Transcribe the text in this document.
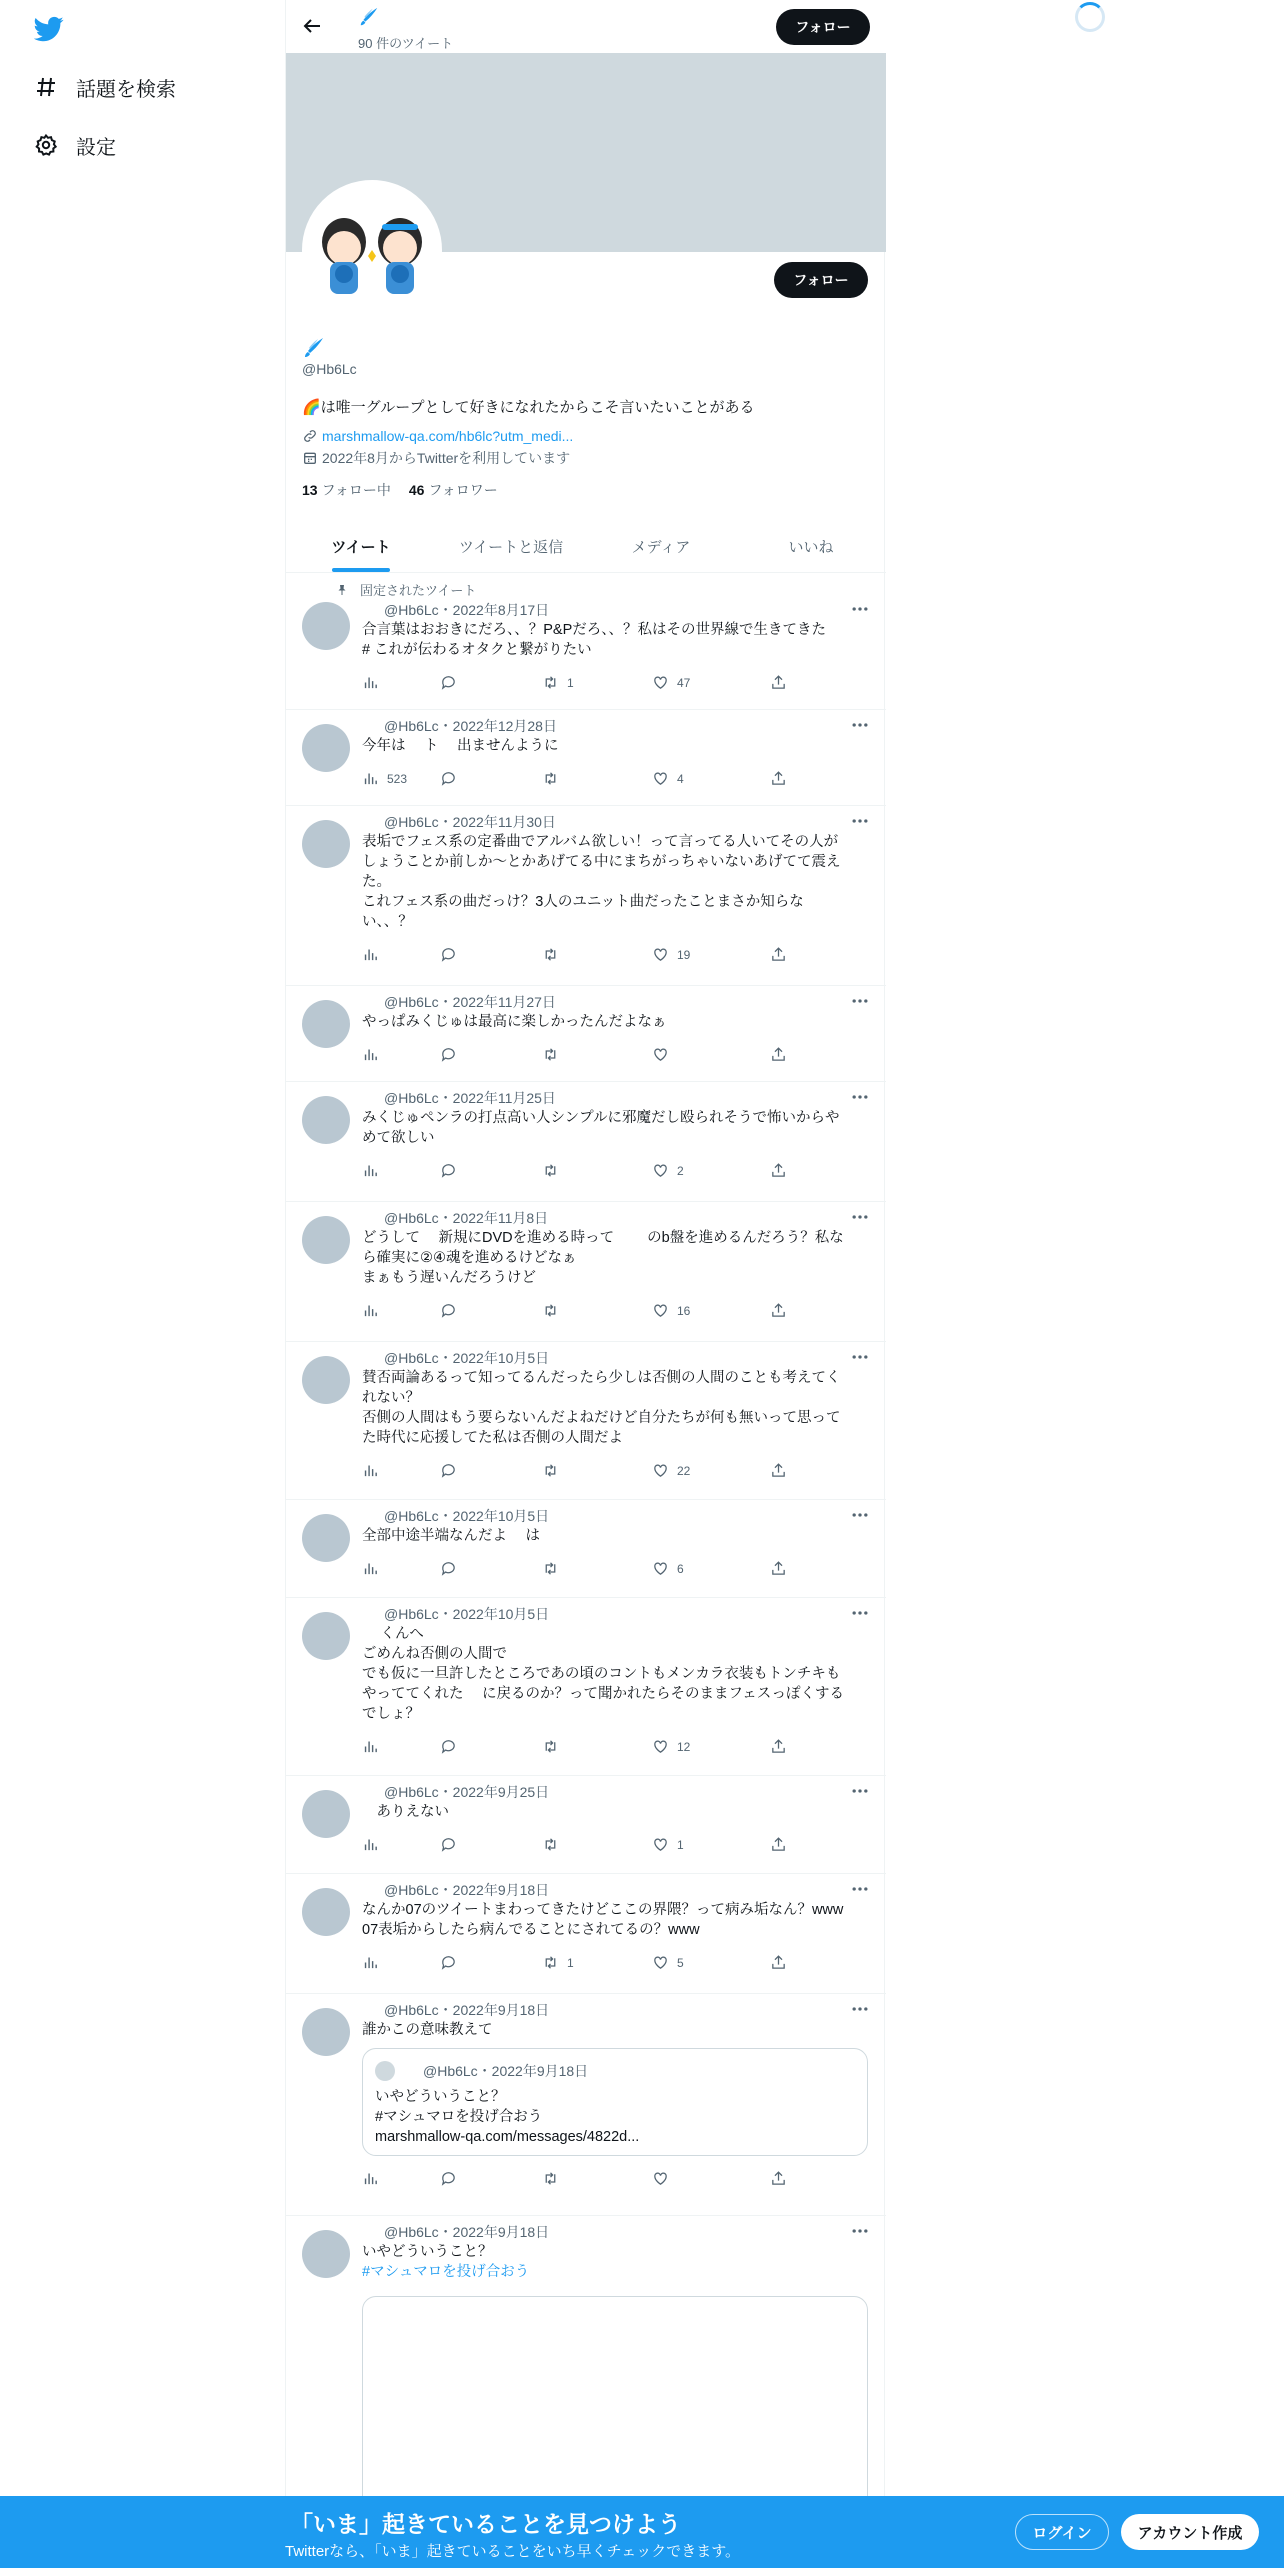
話題を検索
設定
90 件のツイート
フォロー
フォロー
@Hb6Lc
🌈は唯一グループとして好きになれたからこそ言いたいことがある
marshmallow-qa.com/hb6lc?utm_medi...
2022年8月からTwitterを利用しています
13 フォロー中 46 フォロワー
ツイート	ツイートと返信	メディア	いいね
固定されたツイート
@Hb6Lc・2022年8月17日
合言葉はおおきにだろ、、？P&Pだろ、、？私はその世界線で生きてきた
# これが伝わるオタクと繋がりたい
1	47
@Hb6Lc・2022年12月28日
今年は　 ト　 出ませんように
523	4
@Hb6Lc・2022年11月30日
表垢でフェス系の定番曲でアルバム欲しい！って言ってる人いてその人が
しょうことか前しか〜とかあげてる中にまちがっちゃいないあげてて震え
た。
これフェス系の曲だっけ？3人のユニット曲だったことまさか知らな
い、、？
19
@Hb6Lc・2022年11月27日
やっぱみくじゅは最高に楽しかったんだよなぁ
@Hb6Lc・2022年11月25日
みくじゅペンラの打点高い人シンプルに邪魔だし殴られそうで怖いからや
めて欲しい
2
@Hb6Lc・2022年11月8日
どうして　 新規にDVDを進める時って　　 のb盤を進めるんだろう？私な
ら確実に②④魂を進めるけどなぁ
まぁもう遅いんだろうけど
16
@Hb6Lc・2022年10月5日
賛否両論あるって知ってるんだったら少しは否側の人間のことも考えてく
れない？
否側の人間はもう要らないんだよねだけど自分たちが何も無いって思って
た時代に応援してた私は否側の人間だよ
22
@Hb6Lc・2022年10月5日
全部中途半端なんだよ　 は
6
@Hb6Lc・2022年10月5日
　 くんへ
ごめんね否側の人間で
でも仮に一旦許したところであの頃のコントもメンカラ衣装もトンチキも
やっててくれた　 に戻るのか？って聞かれたらそのままフェスっぽくする
でしょ？
12
@Hb6Lc・2022年9月25日
　ありえない
1
@Hb6Lc・2022年9月18日
なんか07のツイートまわってきたけどここの界隈？って病み垢なん？www
07表垢からしたら病んでることにされてるの？www
1	5
@Hb6Lc・2022年9月18日
誰かこの意味教えて
@Hb6Lc・2022年9月18日
いやどういうこと？
#マシュマロを投げ合おう
marshmallow-qa.com/messages/4822d...
@Hb6Lc・2022年9月18日
いやどういうこと？
#マシュマロを投げ合おう
「いま」起きていることを見つけよう
Twitterなら、「いま」起きていることをいち早くチェックできます。
ログイン	アカウント作成
